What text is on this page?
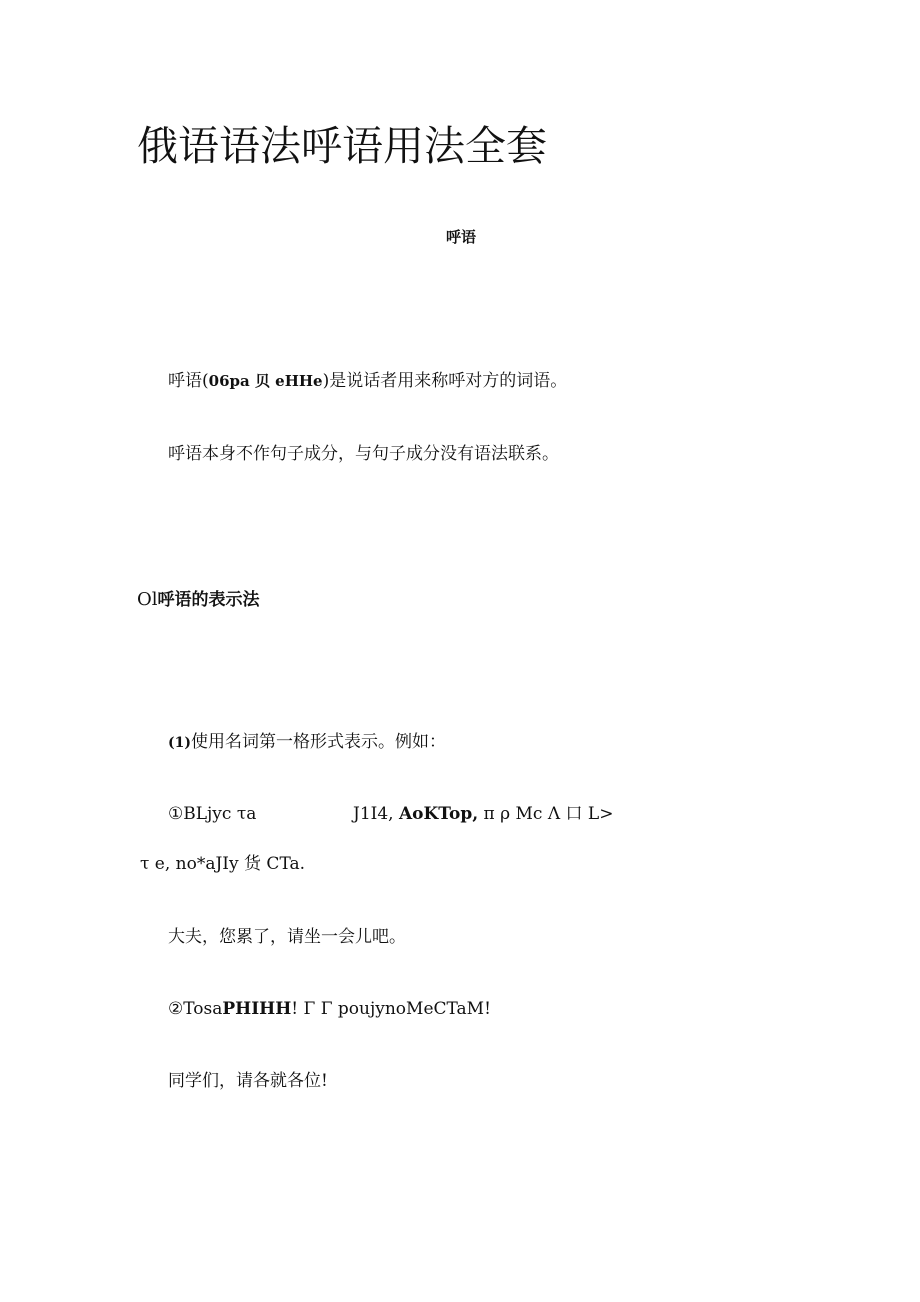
俄语语法呼语用法全套
呼语
呼语(06pa 贝 eHHe)是说话者用来称呼对方的词语。
呼语本身不作句子成分，与句子成分没有语法联系。
Ol呼语的表示法
(1)使用名词第一格形式表示。例如：
①BLjyc τa	J1I4, AoKTop, π ρ Mc Λ 口 L>
τ e, no*aJIy 货 CTa.
大夫，您累了，请坐一会儿吧。
②TosaPHIHH! Γ Γ poujynoMeCTaM!
同学们，请各就各位!
